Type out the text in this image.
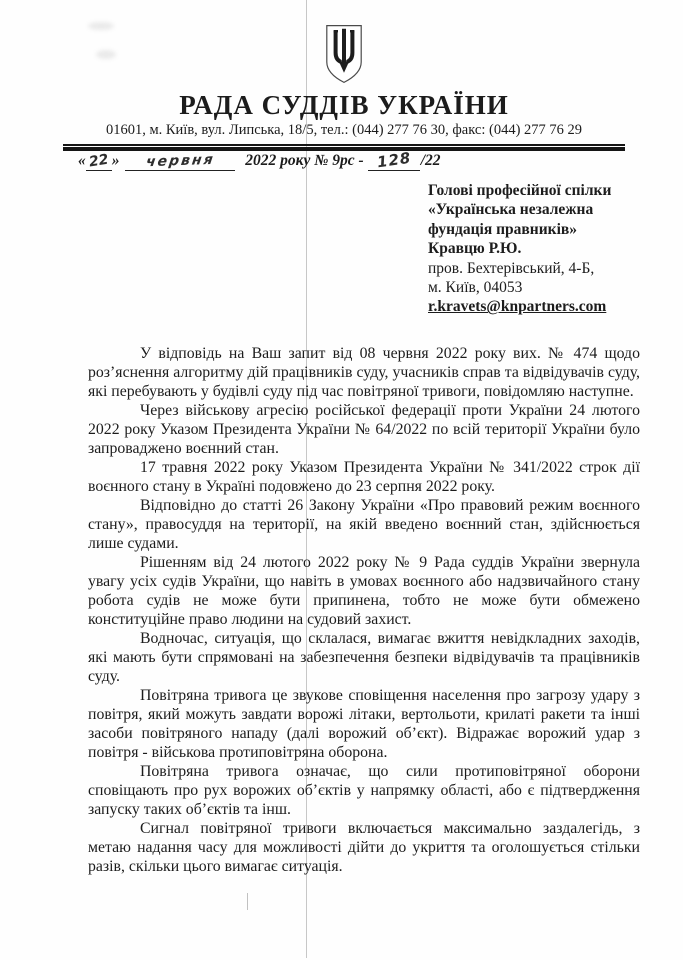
РАДА СУДДІВ УКРАЇНИ
01601, м. Київ, вул. Липська, 18/5, тел.: (044) 277 76 30, факс: (044) 277 76 29
« 22 » червня 2022 року № 9рс - 128 /22
Голові професійної спілки
«Українська незалежна
фундація правників»
Кравцю Р.Ю.
пров. Бехтерівський, 4-Б,
м. Київ, 04053
r.kravets@knpartners.com

У відповідь на Ваш запит від 08 червня 2022 року вих. № 474 щодо роз’яснення алгоритму дій працівників суду, учасників справ та відвідувачів суду, які перебувають у будівлі суду під час повітряної тривоги, повідомляю наступне.

Через військову агресію російської федерації проти України 24 лютого 2022 року Указом Президента України № 64/2022 по всій території України було запроваджено воєнний стан.

17 травня 2022 року Указом Президента України № 341/2022 строк дії воєнного стану в Україні подовжено до 23 серпня 2022 року.

Відповідно до статті 26 Закону України «Про правовий режим воєнного стану», правосуддя на території, на якій введено воєнний стан, здійснюється лише судами.

Рішенням від 24 лютого 2022 року № 9 Рада суддів України звернула увагу усіх судів України, що навіть в умовах воєнного або надзвичайного стану робота судів не може бути припинена, тобто не може бути обмежено конституційне право людини на судовий захист.

Водночас, ситуація, що склалася, вимагає вжиття невідкладних заходів, які мають бути спрямовані на забезпечення безпеки відвідувачів та працівників суду.

Повітряна тривога це звукове сповіщення населення про загрозу удару з повітря, який можуть завдати ворожі літаки, вертольоти, крилаті ракети та інші засоби повітряного нападу (далі ворожий об’єкт). Відражає ворожий удар з повітря - військова протиповітряна оборона.

Повітряна тривога означає, що сили протиповітряної оборони сповіщають про рух ворожих об’єктів у напрямку області, або є підтвердження запуску таких об’єктів та інш.

Сигнал повітряної тривоги включається максимально заздалегідь, з метаю надання часу для можливості дійти до укриття та оголошується стільки разів, скільки цього вимагає ситуація.
